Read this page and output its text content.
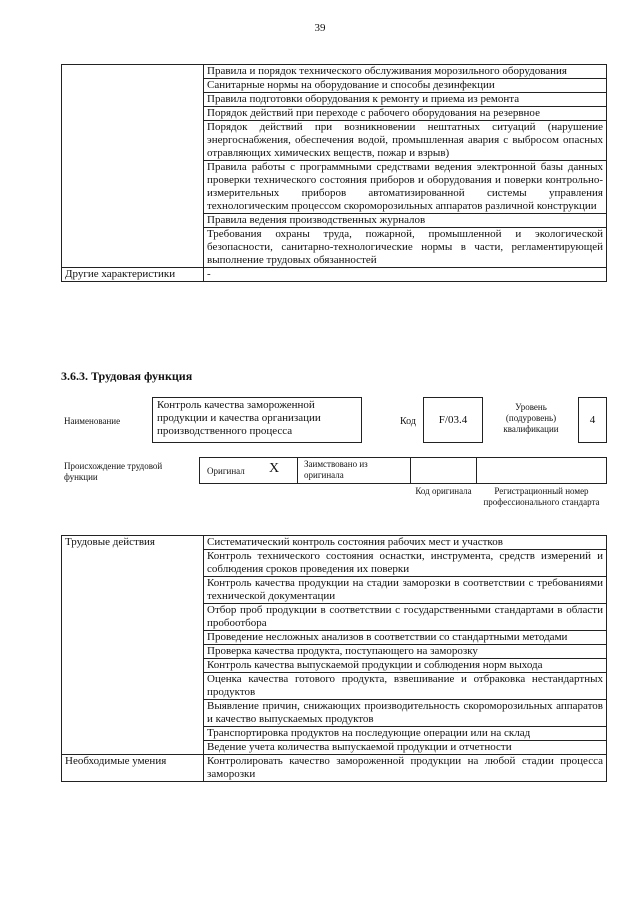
39
	Правила и порядок технического обслуживания морозильного оборудования
	Санитарные нормы на оборудование и способы дезинфекции
	Правила подготовки оборудования к ремонту и приема из ремонта
	Порядок действий при переходе с рабочего оборудования на резервное
	Порядок действий при возникновении нештатных ситуаций (нарушение энергоснабжения, обеспечения водой, промышленная авария с выбросом опасных отравляющих химических веществ, пожар и взрыв)
	Правила работы с программными средствами ведения электронной базы данных проверки технического состояния приборов и оборудования и поверки контрольно-измерительных приборов автоматизированной системы управления технологическим процессом скороморозильных аппаратов различной конструкции
	Правила ведения производственных журналов
	Требования охраны труда, пожарной, промышленной и экологической безопасности, санитарно-технологические нормы в части, регламентирующей выполнение трудовых обязанностей
Другие характеристики	-
3.6.3. Трудовая функция
Наименование
Контроль качества замороженной продукции и качества организации производственного процесса
Код	F/03.4
Уровень (подуровень) квалификации
4
Происхождение трудовой функции
Оригинал X	Заимствовано из оригинала
Код оригинала	Регистрационный номер профессионального стандарта
Трудовые действия	Систематический контроль состояния рабочих мест и участков
	Контроль технического состояния оснастки, инструмента, средств измерений и соблюдения сроков проведения их поверки
	Контроль качества продукции на стадии заморозки в соответствии с требованиями технической документации
	Отбор проб продукции в соответствии с государственными стандартами в области пробоотбора
	Проведение несложных анализов в соответствии со стандартными методами
	Проверка качества продукта, поступающего на заморозку
	Контроль качества выпускаемой продукции и соблюдения норм выхода
	Оценка качества готового продукта, взвешивание и отбраковка нестандартных продуктов
	Выявление причин, снижающих производительность скороморозильных аппаратов и качество выпускаемых продуктов
	Транспортировка продуктов на последующие операции или на склад
	Ведение учета количества выпускаемой продукции и отчетности
Необходимые умения	Контролировать качество замороженной продукции на любой стадии процесса заморозки
